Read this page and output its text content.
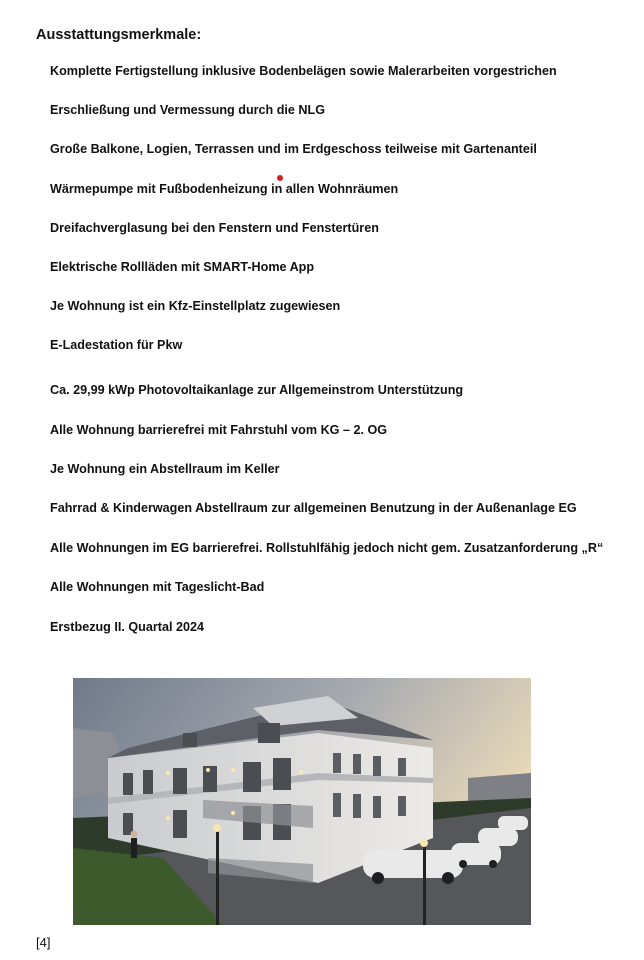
Ausstattungsmerkmale:
Komplette Fertigstellung inklusive Bodenbelägen sowie Malerarbeiten vorgestrichen
Erschließung und Vermessung durch die NLG
Große Balkone, Logien, Terrassen und im Erdgeschoss teilweise mit Gartenanteil
Wärmepumpe mit Fußbodenheizung in allen Wohnräumen
Dreifachverglasung bei den Fenstern und Fenstertüren
Elektrische Rollläden mit SMART-Home App
Je Wohnung ist ein Kfz-Einstellplatz zugewiesen
E-Ladestation für Pkw
Ca. 29,99 kWp Photovoltaikanlage zur Allgemeinstrom Unterstützung
Alle Wohnung barrierefrei mit Fahrstuhl vom KG – 2. OG
Je Wohnung ein Abstellraum im Keller
Fahrrad & Kinderwagen Abstellraum zur allgemeinen Benutzung in der Außenanlage EG
Alle Wohnungen im EG barrierefrei. Rollstuhlfähig jedoch nicht gem. Zusatzanforderung „R“
Alle Wohnungen mit Tageslicht-Bad
Erstbezug II. Quartal 2024
[4]
